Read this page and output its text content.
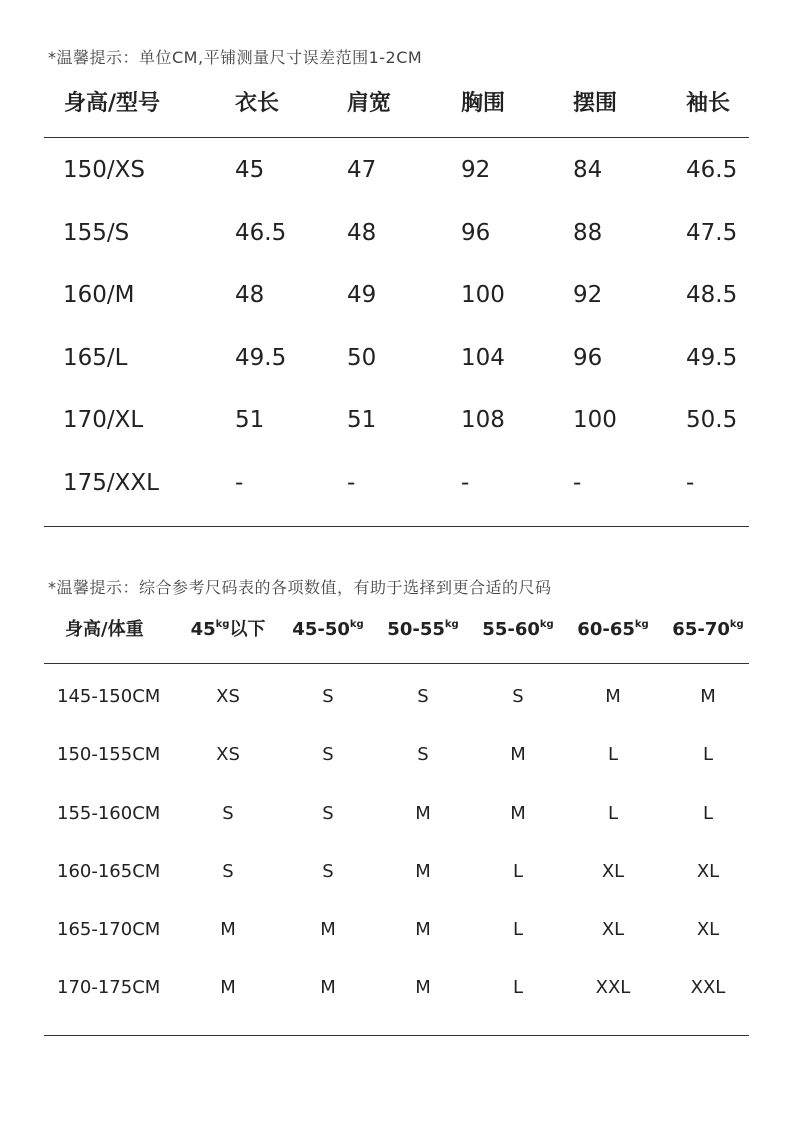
*温馨提示：单位CM,平铺测量尺寸误差范围1-2CM
身高/型号	衣长	肩宽	胸围	摆围	袖长
150/XS	45	47	92	84	46.5
155/S	46.5	48	96	88	47.5
160/M	48	49	100	92	48.5
165/L	49.5	50	104	96	49.5
170/XL	51	51	108	100	50.5
175/XXL	-	-	-	-	-
*温馨提示：综合参考尺码表的各项数值，有助于选择到更合适的尺码
身高/体重	$45^{kg}$以下 $45-50^{kg}$ $50-55^{kg}$ $55-60^{kg}$ $60-65^{kg}$ $65-70^{kg}$
145-150CM	XS	S	S	S	M	M
150-155CM	XS	S	S	M	L	L
155-160CM	S	S	M	M	L	L
160-165CM	S	S	M	L	XL	XL
165-170CM	M	M	M	L	XL	XL
170-175CM	M	M	M	L	XXL	XXL
